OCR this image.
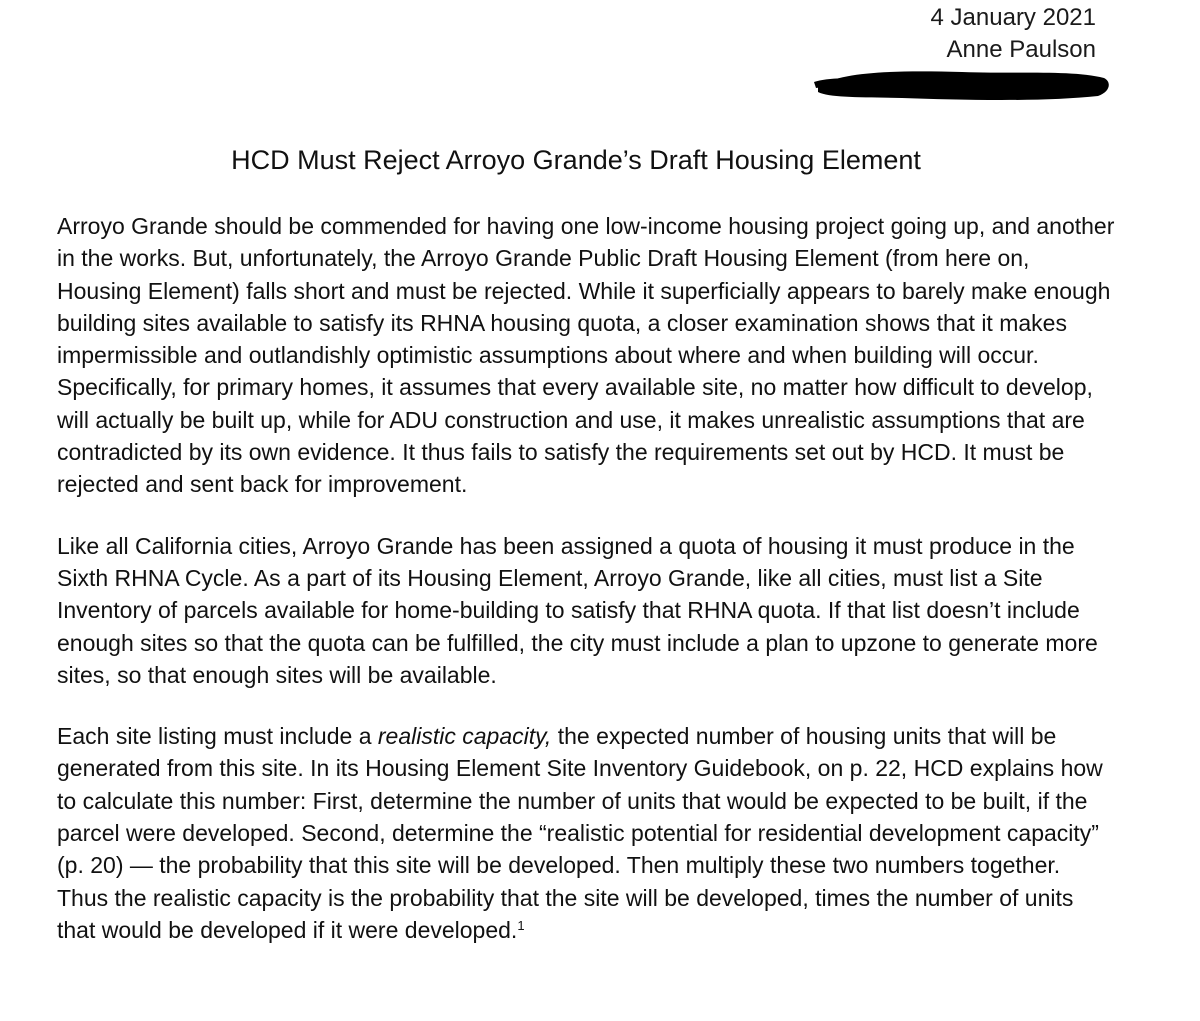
4 January 2021
Anne Paulson
HCD Must Reject Arroyo Grande’s Draft Housing Element

Arroyo Grande should be commended for having one low-income housing project going up, and another in the works. But, unfortunately, the Arroyo Grande Public Draft Housing Element (from here on, Housing Element) falls short and must be rejected. While it superficially appears to barely make enough building sites available to satisfy its RHNA housing quota, a closer examination shows that it makes impermissible and outlandishly optimistic assumptions about where and when building will occur. Specifically, for primary homes, it assumes that every available site, no matter how difficult to develop, will actually be built up, while for ADU construction and use, it makes unrealistic assumptions that are contradicted by its own evidence. It thus fails to satisfy the requirements set out by HCD. It must be rejected and sent back for improvement.

Like all California cities, Arroyo Grande has been assigned a quota of housing it must produce in the Sixth RHNA Cycle. As a part of its Housing Element, Arroyo Grande, like all cities, must list a Site Inventory of parcels available for home-building to satisfy that RHNA quota. If that list doesn’t include enough sites so that the quota can be fulfilled, the city must include a plan to upzone to generate more sites, so that enough sites will be available.

Each site listing must include a realistic capacity, the expected number of housing units that will be generated from this site. In its Housing Element Site Inventory Guidebook, on p. 22, HCD explains how to calculate this number: First, determine the number of units that would be expected to be built, if the parcel were developed. Second, determine the “realistic potential for residential development capacity” (p. 20) — the probability that this site will be developed. Then multiply these two numbers together. Thus the realistic capacity is the probability that the site will be developed, times the number of units that would be developed if it were developed.$^1$
